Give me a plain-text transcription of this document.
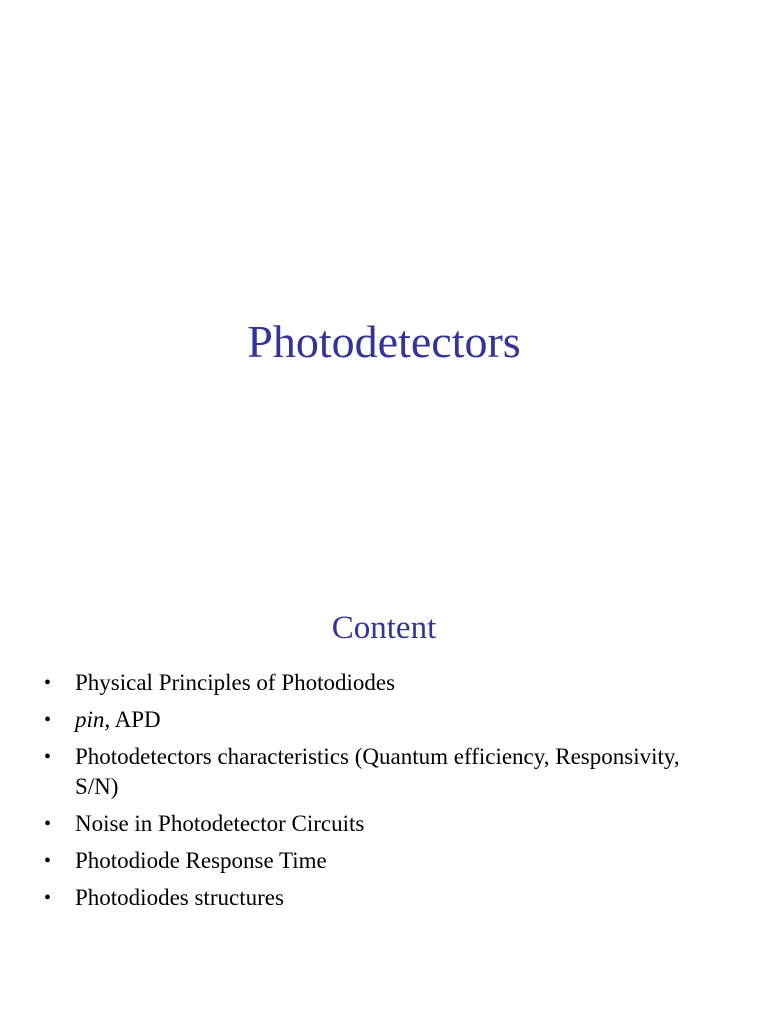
Photodetectors
Content
• Physical Principles of Photodiodes
• pin, APD
• Photodetectors characteristics (Quantum efficiency, Responsivity, S/N)
• Noise in Photodetector Circuits
• Photodiode Response Time
• Photodiodes structures
